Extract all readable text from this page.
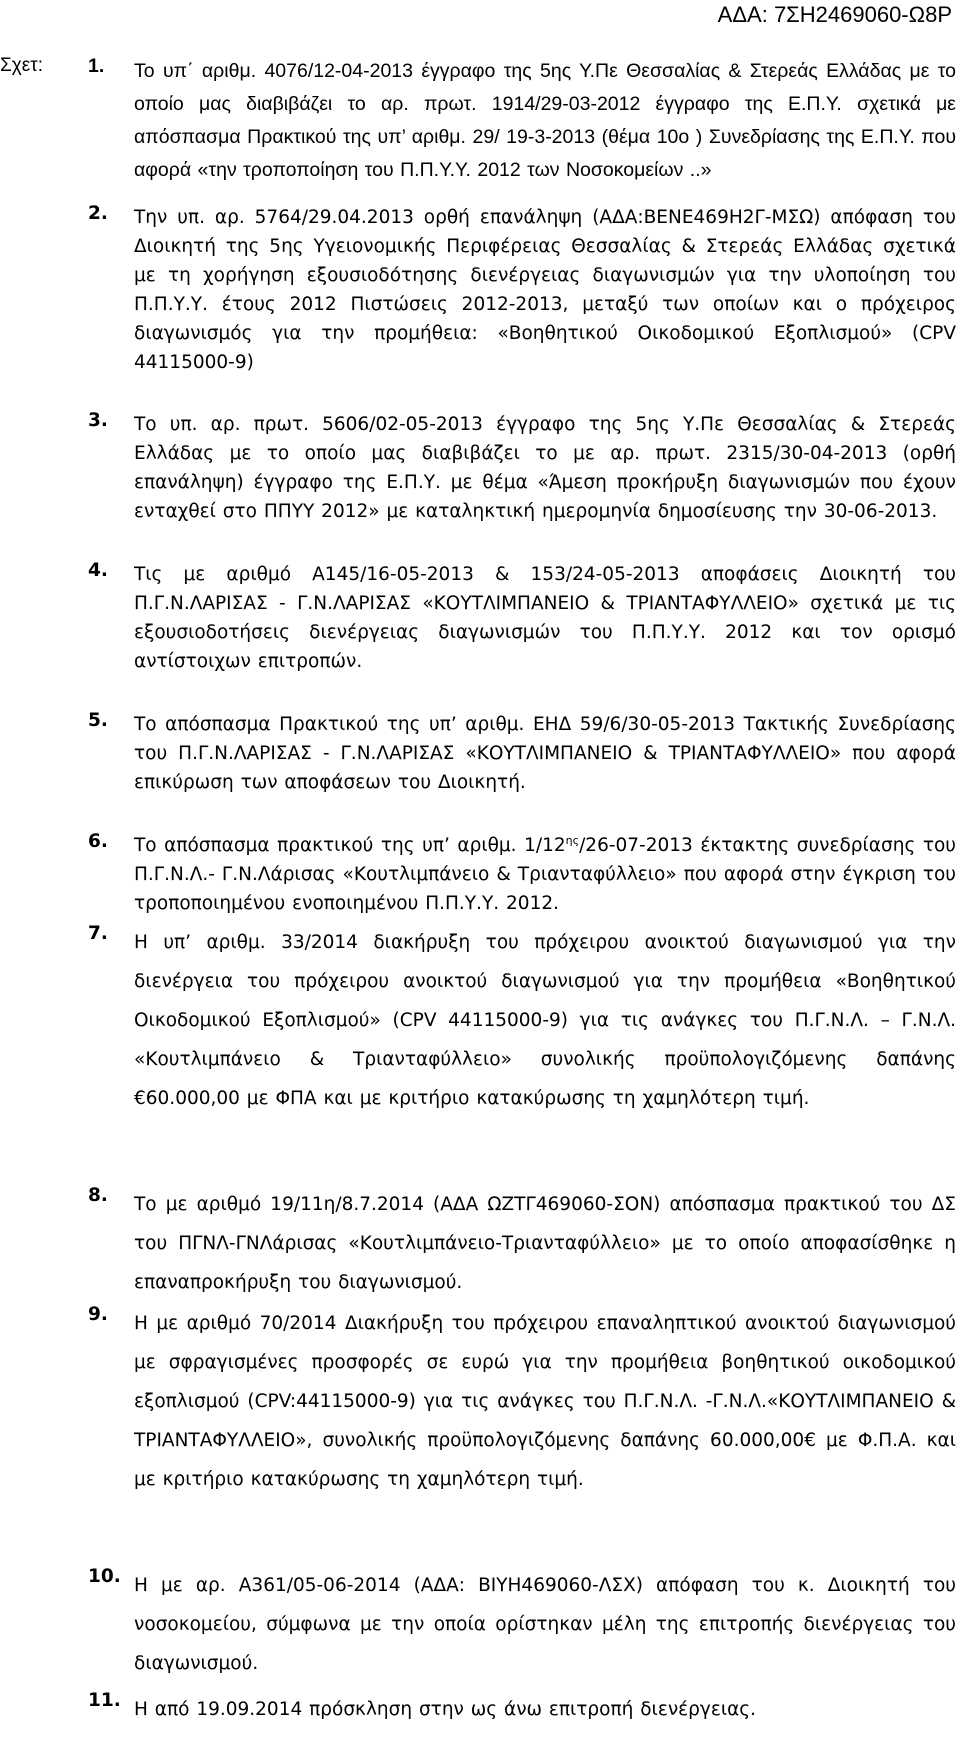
ΑΔΑ: 7ΣΗ2469060-Ω8Ρ
Σχετ: 1. Το υπ΄ αριθμ. 4076/12-04-2013 έγγραφο της 5ης Υ.Πε Θεσσαλίας & Στερεάς Ελλάδας με το οποίο μας διαβιβάζει το αρ. πρωτ. 1914/29-03-2012 έγγραφο της Ε.Π.Υ. σχετικά με απόσπασμα Πρακτικού της υπ’ αριθμ. 29/ 19-3-2013 (θέμα 10ο ) Συνεδρίασης της Ε.Π.Υ. που αφορά «την τροποποίηση του Π.Π.Υ.Υ. 2012 των Νοσοκομείων ..»
2. Την υπ. αρ. 5764/29.04.2013 ορθή επανάληψη (ΑΔΑ:ΒΕΝΕ469Η2Γ-ΜΣΩ) απόφαση του Διοικητή της 5ης Υγειονομικής Περιφέρειας Θεσσαλίας & Στερεάς Ελλάδας σχετικά με τη χορήγηση εξουσιοδότησης διενέργειας διαγωνισμών για την υλοποίηση του Π.Π.Υ.Υ. έτους 2012 Πιστώσεις 2012-2013, μεταξύ των οποίων και ο πρόχειρος διαγωνισμός για την προμήθεια: «Βοηθητικού Οικοδομικού Εξοπλισμού» (CPV 44115000-9)
3. Το υπ. αρ. πρωτ. 5606/02-05-2013 έγγραφο της 5ης Υ.Πε Θεσσαλίας & Στερεάς Ελλάδας με το οποίο μας διαβιβάζει το με αρ. πρωτ. 2315/30-04-2013 (ορθή επανάληψη) έγγραφο της Ε.Π.Υ. με θέμα «Άμεση προκήρυξη διαγωνισμών που έχουν ενταχθεί στο ΠΠΥΥ 2012» με καταληκτική ημερομηνία δημοσίευσης την 30-06-2013.
4. Τις με αριθμό Α145/16-05-2013 & 153/24-05-2013 αποφάσεις Διοικητή του Π.Γ.Ν.ΛΑΡΙΣΑΣ - Γ.Ν.ΛΑΡΙΣΑΣ «ΚΟΥΤΛΙΜΠΑΝΕΙΟ & ΤΡΙΑΝΤΑΦΥΛΛΕΙΟ» σχετικά με τις εξουσιοδοτήσεις διενέργειας διαγωνισμών του Π.Π.Υ.Υ. 2012 και τον ορισμό αντίστοιχων επιτροπών.
5. Το απόσπασμα Πρακτικού της υπ’ αριθμ. ΕΗΔ 59/6/30-05-2013 Τακτικής Συνεδρίασης του Π.Γ.Ν.ΛΑΡΙΣΑΣ - Γ.Ν.ΛΑΡΙΣΑΣ «ΚΟΥΤΛΙΜΠΑΝΕΙΟ & ΤΡΙΑΝΤΑΦΥΛΛΕΙΟ» που αφορά επικύρωση των αποφάσεων του Διοικητή.
6. Το απόσπασμα πρακτικού της υπ’ αριθμ. $1/12^{\eta\varsigma}/26-07-2013$ έκτακτης συνεδρίασης του Π.Γ.Ν.Λ.- Γ.Ν.Λάρισας «Κουτλιμπάνειο & Τριανταφύλλειο» που αφορά στην έγκριση του τροποποιημένου ενοποιημένου Π.Π.Υ.Υ. 2012.
7. Η υπ’ αριθμ. 33/2014 διακήρυξη του πρόχειρου ανοικτού διαγωνισμού για την διενέργεια του πρόχειρου ανοικτού διαγωνισμού για την προμήθεια «Βοηθητικού Οικοδομικού Εξοπλισμού» (CPV 44115000-9) για τις ανάγκες του Π.Γ.Ν.Λ. – Γ.Ν.Λ. «Κουτλιμπάνειο & Τριανταφύλλειο» συνολικής προϋπολογιζόμενης δαπάνης €60.000,00 με ΦΠΑ και με κριτήριο κατακύρωσης τη χαμηλότερη τιμή.
8. Το με αριθμό 19/11η/8.7.2014 (ΑΔΑ ΩΖΤΓ469060-ΣΟΝ) απόσπασμα πρακτικού του ΔΣ του ΠΓΝΛ-ΓΝΛάρισας «Κουτλιμπάνειο-Τριανταφύλλειο» με το οποίο αποφασίσθηκε η επαναπροκήρυξη του διαγωνισμού.
9. Η με αριθμό 70/2014 Διακήρυξη του πρόχειρου επαναληπτικού ανοικτού διαγωνισμού με σφραγισμένες προσφορές σε ευρώ για την προμήθεια βοηθητικού οικοδομικού εξοπλισμού (CPV:44115000-9) για τις ανάγκες του Π.Γ.Ν.Λ. -Γ.Ν.Λ.«ΚΟΥΤΛΙΜΠΑΝΕΙΟ & ΤΡΙΑΝΤΑΦΥΛΛΕΙΟ», συνολικής προϋπολογιζόμενης δαπάνης 60.000,00€ με Φ.Π.Α. και με κριτήριο κατακύρωσης τη χαμηλότερη τιμή.
10. Η με αρ. Α361/05-06-2014 (ΑΔΑ: ΒΙΥΗ469060-ΛΣΧ) απόφαση του κ. Διοικητή του νοσοκομείου, σύμφωνα με την οποία ορίστηκαν μέλη της επιτροπής διενέργειας του διαγωνισμού.
11. Η από 19.09.2014 πρόσκληση στην ως άνω επιτροπή διενέργειας.
